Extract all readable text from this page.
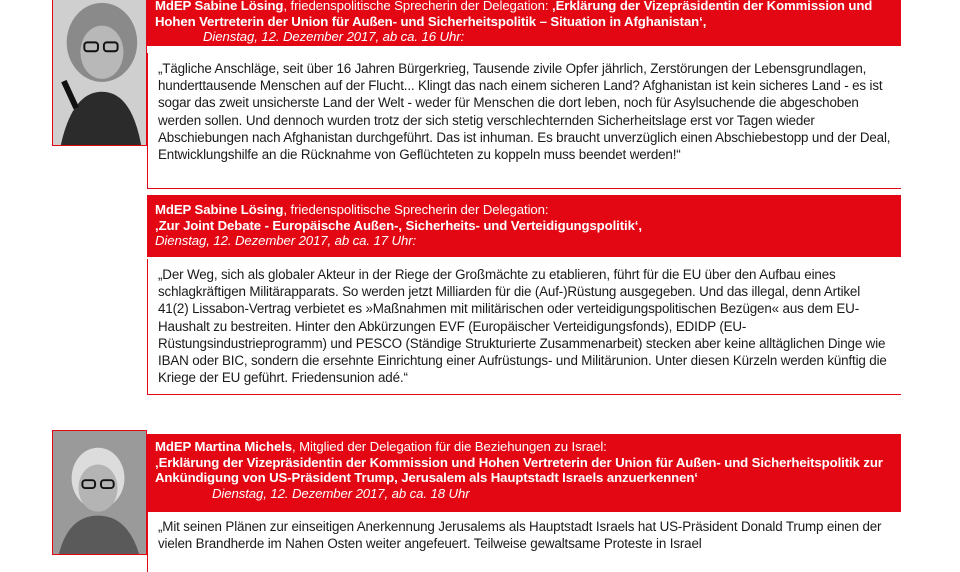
MdEP Sabine Lösing, friedenspolitische Sprecherin der Delegation: ‚Erklärung der Vizepräsidentin der Kommission und Hohen Vertreterin der Union für Außen- und Sicherheitspolitik – Situation in Afghanistan‘,
Dienstag, 12. Dezember 2017, ab ca. 16 Uhr:

„Tägliche Anschläge, seit über 16 Jahren Bürgerkrieg, Tausende zivile Opfer jährlich, Zerstörungen der Lebensgrundlagen, hunderttausende Menschen auf der Flucht... Klingt das nach einem sicheren Land? Afghanistan ist kein sicheres Land - es ist sogar das zweit unsicherste Land der Welt - weder für Menschen die dort leben, noch für Asylsuchende die abgeschoben werden sollen. Und dennoch wurden trotz der sich stetig verschlechternden Sicherheitslage erst vor Tagen wieder Abschiebungen nach Afghanistan durchgeführt. Das ist inhuman. Es braucht unverzüglich einen Abschiebestopp und der Deal, Entwicklungshilfe an die Rücknahme von Geflüchteten zu koppeln muss beendet werden!“

MdEP Sabine Lösing, friedenspolitische Sprecherin der Delegation:
‚Zur Joint Debate - Europäische Außen-, Sicherheits- und Verteidigungspolitik‘,
Dienstag, 12. Dezember 2017, ab ca. 17 Uhr:

„Der Weg, sich als globaler Akteur in der Riege der Großmächte zu etablieren, führt für die EU über den Aufbau eines schlagkräftigen Militärapparats. So werden jetzt Milliarden für die (Auf-)Rüstung ausgegeben. Und das illegal, denn Artikel 41(2) Lissabon-Vertrag verbietet es »Maßnahmen mit militärischen oder verteidigungspolitischen Bezügen« aus dem EU-Haushalt zu bestreiten. Hinter den Abkürzungen EVF (Europäischer Verteidigungsfonds), EDIDP (EU-Rüstungsindustrieprogramm) und PESCO (Ständige Strukturierte Zusammenarbeit) stecken aber keine alltäglichen Dinge wie IBAN oder BIC, sondern die ersehnte Einrichtung einer Aufrüstungs- und Militärunion. Unter diesen Kürzeln werden künftig die Kriege der EU geführt. Friedensunion adé.“

MdEP Martina Michels, Mitglied der Delegation für die Beziehungen zu Israel:
‚Erklärung der Vizepräsidentin der Kommission und Hohen Vertreterin der Union für Außen- und Sicherheitspolitik zur Ankündigung von US-Präsident Trump, Jerusalem als Hauptstadt Israels anzuerkennen‘
Dienstag, 12. Dezember 2017, ab ca. 18 Uhr

„Mit seinen Plänen zur einseitigen Anerkennung Jerusalems als Hauptstadt Israels hat US-Präsident Donald Trump einen der vielen Brandherde im Nahen Osten weiter angefeuert. Teilweise gewaltsame Proteste in Israel
